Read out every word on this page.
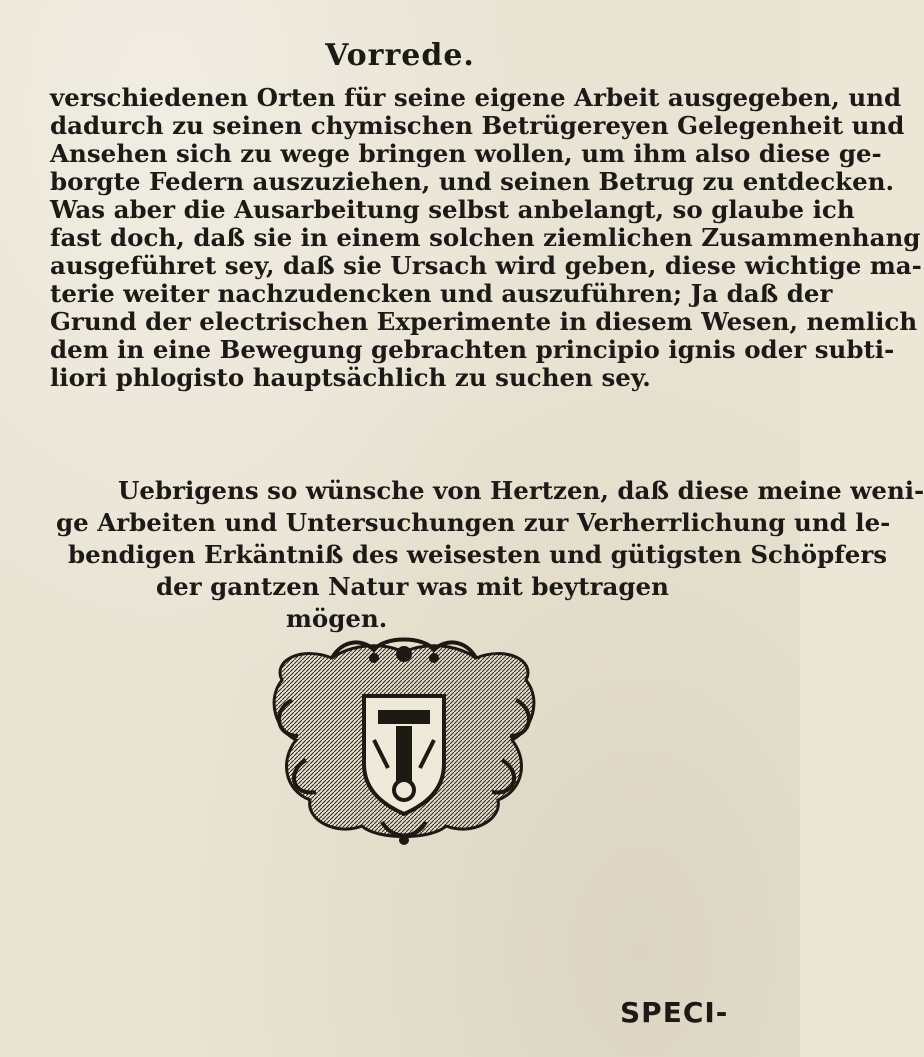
Vorrede.
verschiedenen Orten für seine eigene Arbeit ausgegeben, und
dadurch zu seinen chymischen Betrügereyen Gelegenheit und
Ansehen sich zu wege bringen wollen, um ihm also diese ge-
borgte Federn auszuziehen, und seinen Betrug zu entdecken.
Was aber die Ausarbeitung selbst anbelangt, so glaube ich
fast doch, daß sie in einem solchen ziemlichen Zusammenhang
ausgeführet sey, daß sie Ursach wird geben, diese wichtige ma-
terie weiter nachzudencken und auszuführen; Ja daß der
Grund der electrischen Experimente in diesem Wesen, nemlich
dem in eine Bewegung gebrachten principio ignis oder subti-
liori phlogisto hauptsächlich zu suchen sey.
Uebrigens so wünsche von Hertzen, daß diese meine weni-
ge Arbeiten und Untersuchungen zur Verherrlichung und le-
bendigen Erkäntniß des weisesten und gütigsten Schöpfers
der gantzen Natur was mit beytragen
mögen.
SPECI-
